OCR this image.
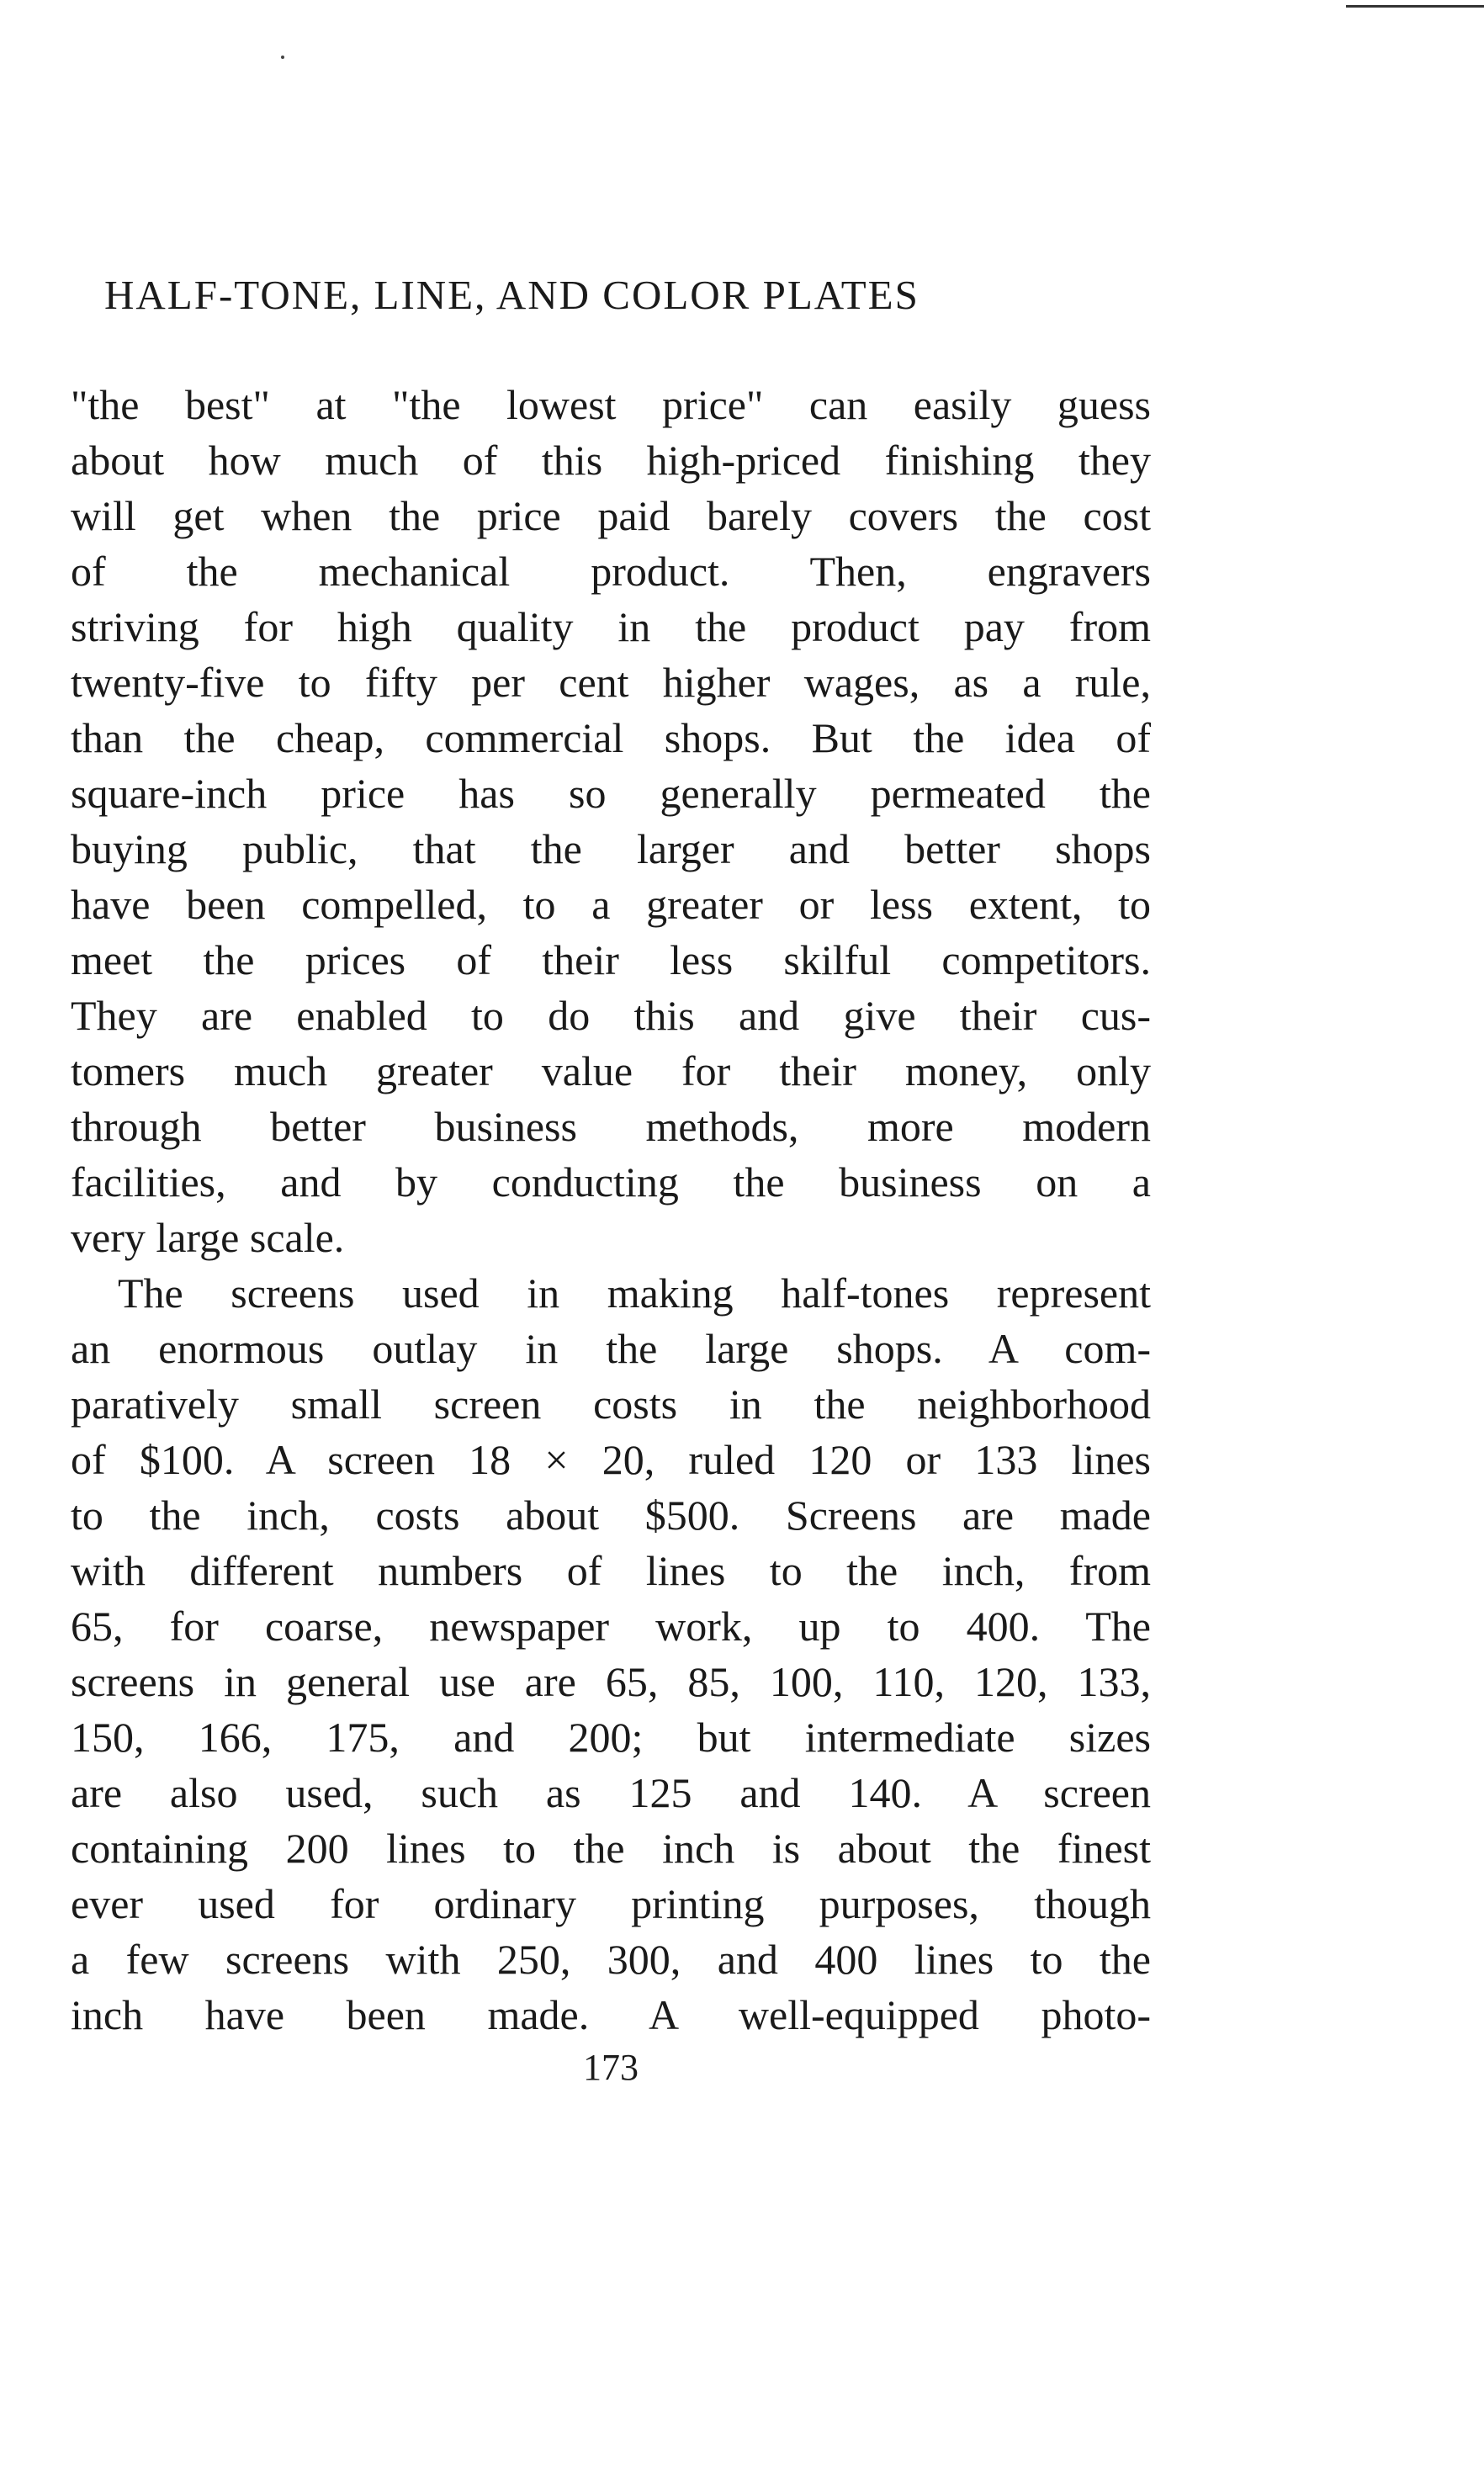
HALF-TONE, LINE, AND COLOR PLATES
"the best" at "the lowest price" can easily guess
about how much of this high-priced finishing they
will get when the price paid barely covers the cost
of the mechanical product. Then, engravers
striving for high quality in the product pay from
twenty-five to fifty per cent higher wages, as a rule,
than the cheap, commercial shops. But the idea of
square-inch price has so generally permeated the
buying public, that the larger and better shops
have been compelled, to a greater or less extent, to
meet the prices of their less skilful competitors.
They are enabled to do this and give their cus-
tomers much greater value for their money, only
through better business methods, more modern
facilities, and by conducting the business on a
very large scale.
The screens used in making half-tones represent
an enormous outlay in the large shops. A com-
paratively small screen costs in the neighborhood
of $100. A screen 18 × 20, ruled 120 or 133 lines
to the inch, costs about $500. Screens are made
with different numbers of lines to the inch, from
65, for coarse, newspaper work, up to 400. The
screens in general use are 65, 85, 100, 110, 120, 133,
150, 166, 175, and 200; but intermediate sizes
are also used, such as 125 and 140. A screen
containing 200 lines to the inch is about the finest
ever used for ordinary printing purposes, though
a few screens with 250, 300, and 400 lines to the
inch have been made. A well-equipped photo-
173
